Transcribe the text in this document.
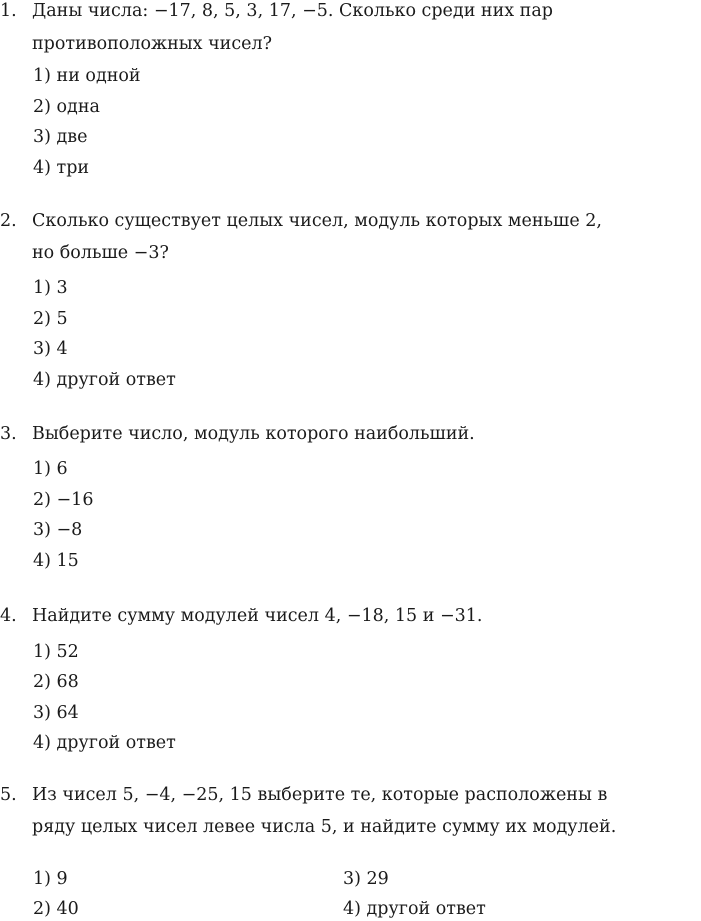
1. Даны числа: −17, 8, 5, 3, 17, −5. Сколько среди них пар
противоположных чисел?
1) ни одной
2) одна
3) две
4) три
2. Сколько существует целых чисел, модуль которых меньше 2,
но больше −3?
1) 3
2) 5
3) 4
4) другой ответ
3. Выберите число, модуль которого наибольший.
1) 6
2) −16
3) −8
4) 15
4. Найдите сумму модулей чисел 4, −18, 15 и −31.
1) 52
2) 68
3) 64
4) другой ответ
5. Из чисел 5, −4, −25, 15 выберите те, которые расположены в
ряду целых чисел левее числа 5, и найдите сумму их модулей.
1) 9
2) 40
3) 29
4) другой ответ
